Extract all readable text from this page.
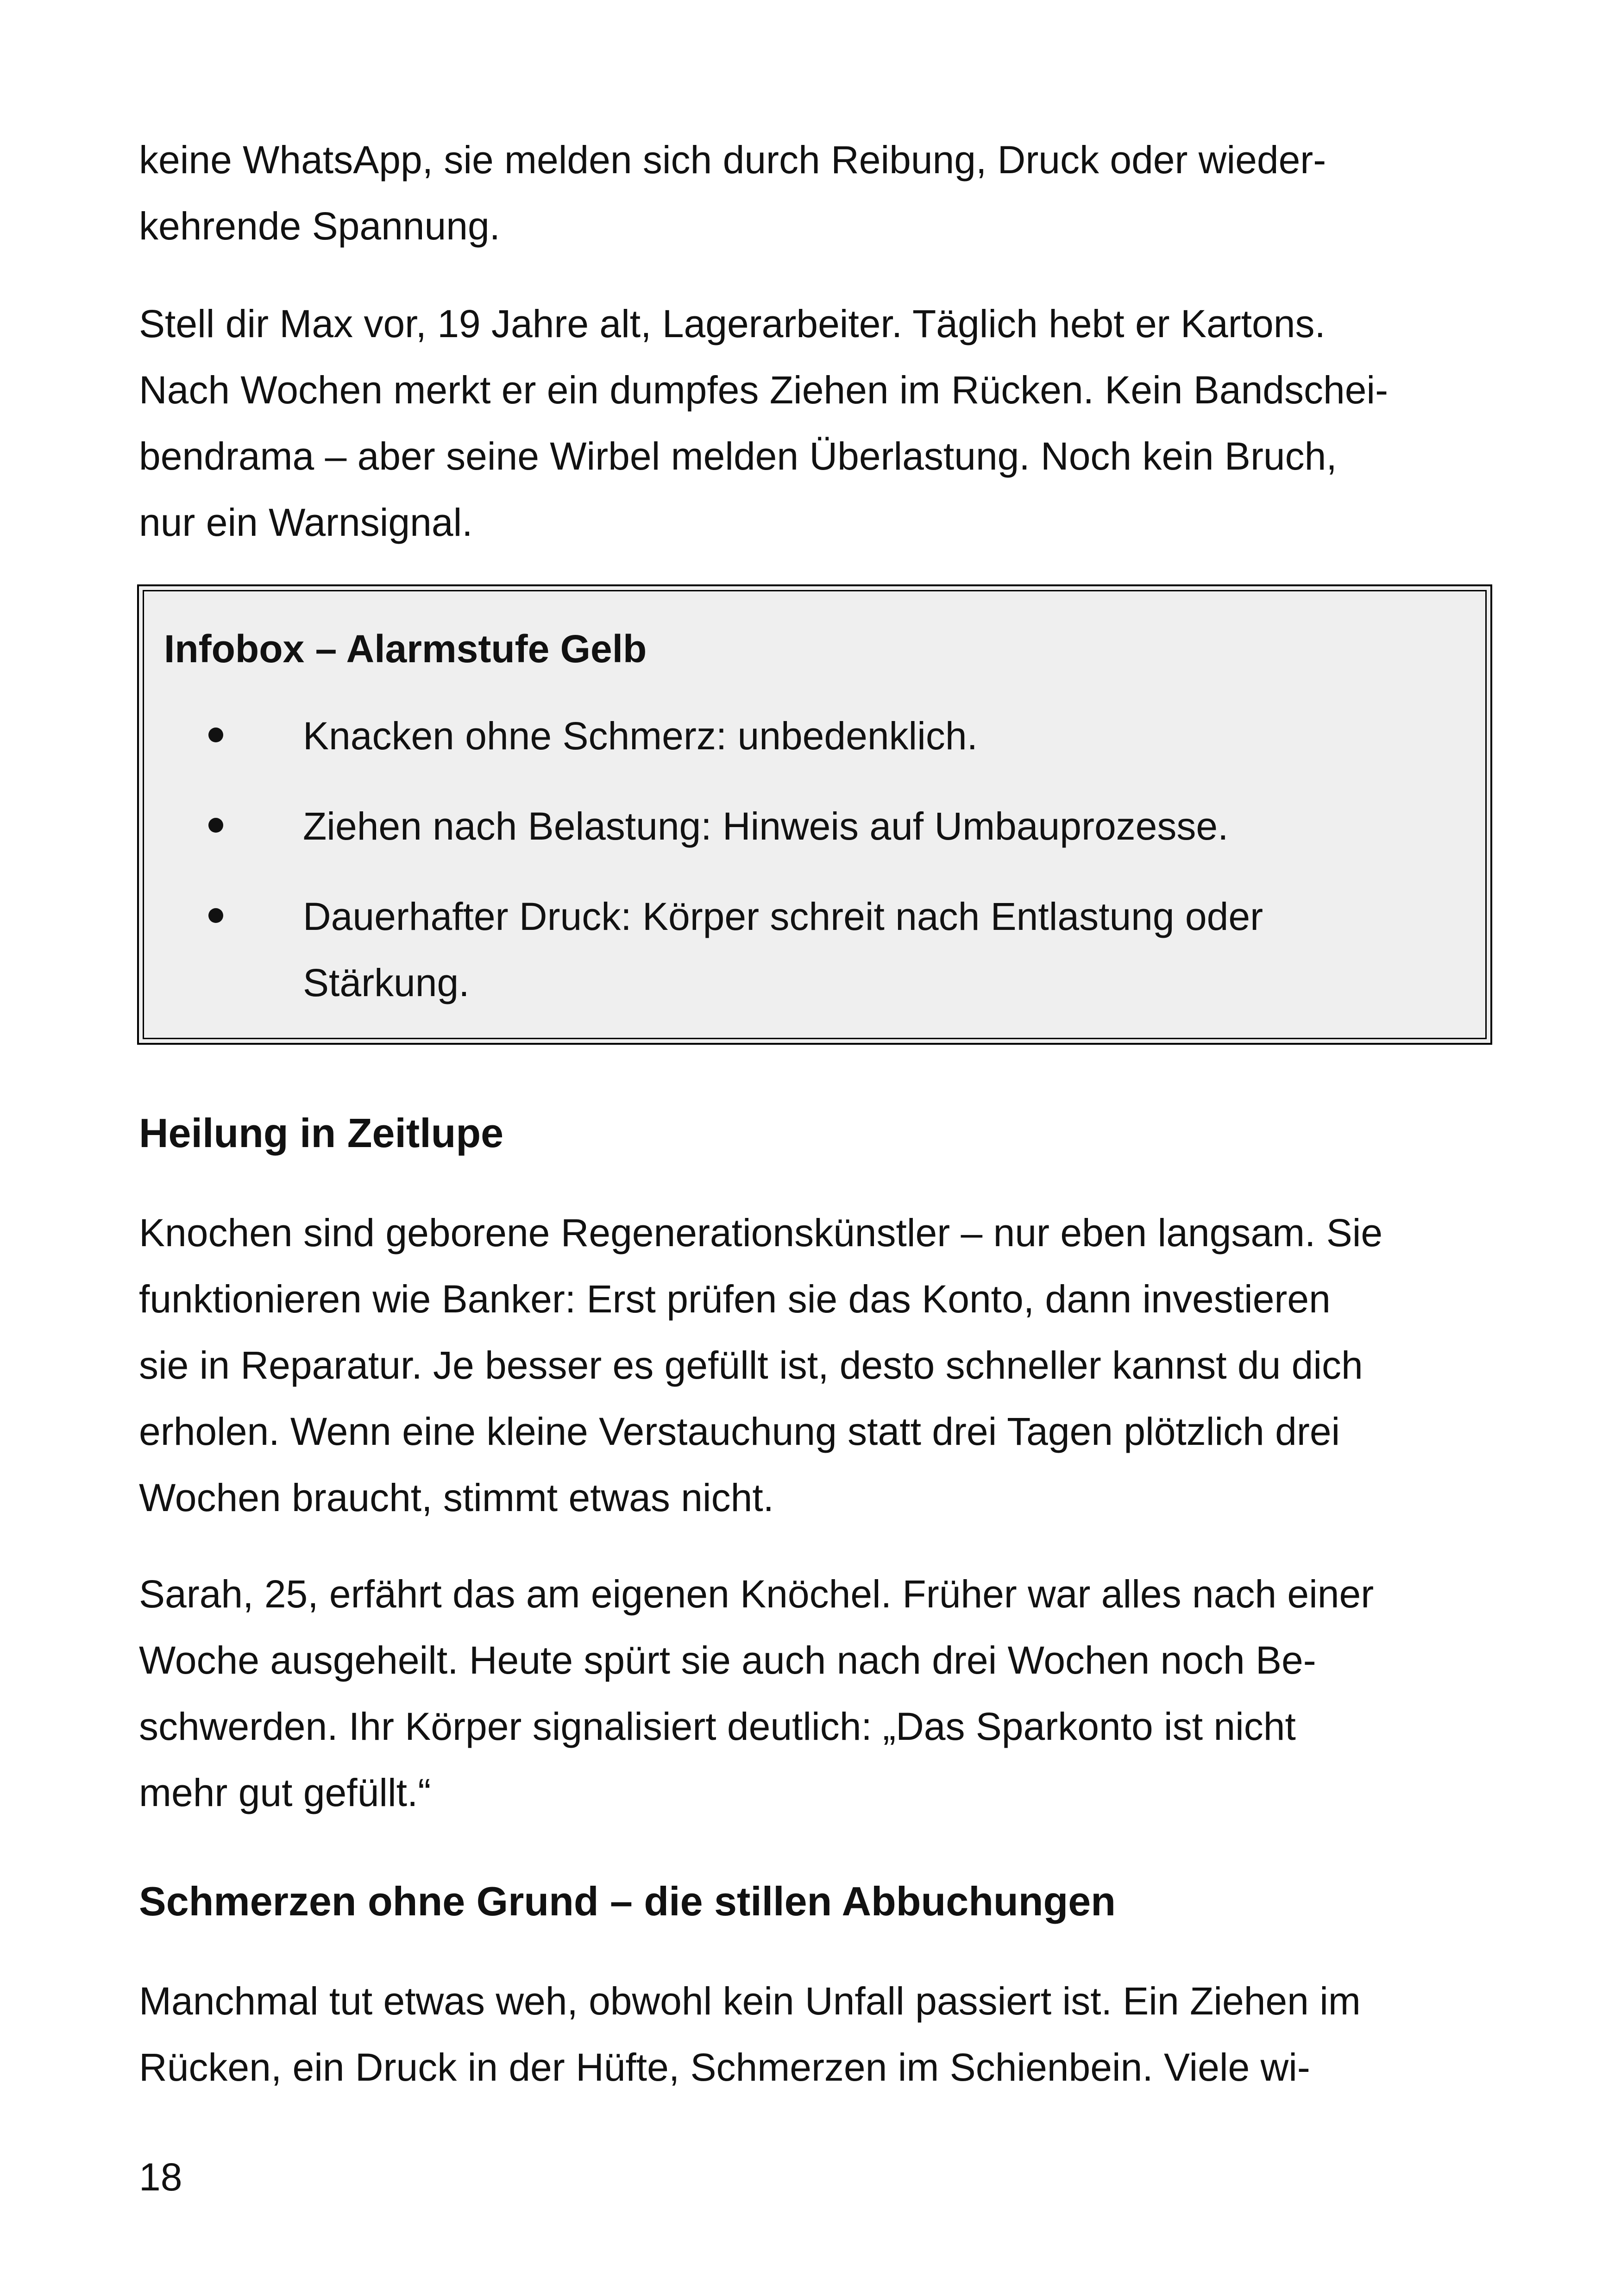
keine WhatsApp, sie melden sich durch Reibung, Druck oder wieder-

kehrende Spannung.

Stell dir Max vor, 19 Jahre alt, Lagerarbeiter. Täglich hebt er Kartons.

Nach Wochen merkt er ein dumpfes Ziehen im Rücken. Kein Bandschei-

bendrama – aber seine Wirbel melden Überlastung. Noch kein Bruch,

nur ein Warnsignal.

Infobox – Alarmstufe Gelb

Knacken ohne Schmerz: unbedenklich.

Ziehen nach Belastung: Hinweis auf Umbauprozesse.

Dauerhafter Druck: Körper schreit nach Entlastung oder

Stärkung.

Heilung in Zeitlupe

Knochen sind geborene Regenerationskünstler – nur eben langsam. Sie

funktionieren wie Banker: Erst prüfen sie das Konto, dann investieren

sie in Reparatur. Je besser es gefüllt ist, desto schneller kannst du dich

erholen. Wenn eine kleine Verstauchung statt drei Tagen plötzlich drei

Wochen braucht, stimmt etwas nicht.

Sarah, 25, erfährt das am eigenen Knöchel. Früher war alles nach einer

Woche ausgeheilt. Heute spürt sie auch nach drei Wochen noch Be-

schwerden. Ihr Körper signalisiert deutlich: „Das Sparkonto ist nicht

mehr gut gefüllt.“

Schmerzen ohne Grund – die stillen Abbuchungen

Manchmal tut etwas weh, obwohl kein Unfall passiert ist. Ein Ziehen im

Rücken, ein Druck in der Hüfte, Schmerzen im Schienbein. Viele wi-

18
